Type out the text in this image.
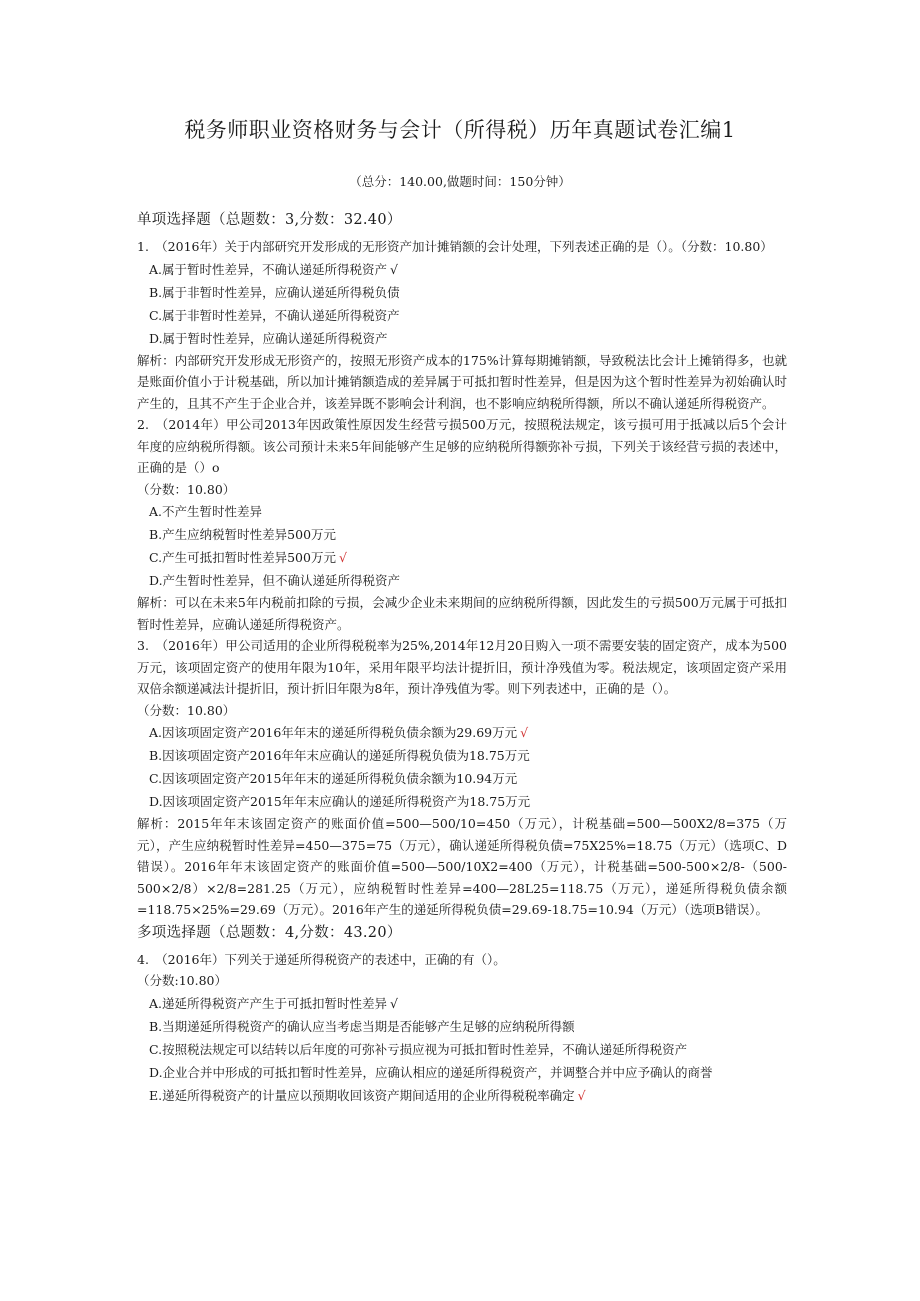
税务师职业资格财务与会计（所得税）历年真题试卷汇编1
（总分：140.00,做题时间：150分钟）
单项选择题（总题数：3,分数：32.40）
1.　（2016年）关于内部研究开发形成的无形资产加计摊销额的会计处理，下列表述正确的是（）。（分数：10.80）
A.属于暂时性差异，不确认递延所得税资产 √
B.属于非暂时性差异，应确认递延所得税负债
C.属于非暂时性差异，不确认递延所得税资产
D.属于暂时性差异，应确认递延所得税资产
解析：内部研究开发形成无形资产的，按照无形资产成本的175%计算每期摊销额，导致税法比会计上摊销得多，也就是账面价值小于计税基础，所以加计摊销额造成的差异属于可抵扣暂时性差异，但是因为这个暂时性差异为初始确认时产生的，且其不产生于企业合并，该差异既不影响会计利润，也不影响应纳税所得额，所以不确认递延所得税资产。
2.　（2014年）甲公司2013年因政策性原因发生经营亏损500万元，按照税法规定，该亏损可用于抵减以后5个会计年度的应纳税所得额。该公司预计未来5年间能够产生足够的应纳税所得额弥补亏损，下列关于该经营亏损的表述中，正确的是（）o
（分数：10.80）
A.不产生暂时性差异
B.产生应纳税暂时性差异500万元
C.产生可抵扣暂时性差异500万元 √
D.产生暂时性差异，但不确认递延所得税资产
解析：可以在未来5年内税前扣除的亏损，会减少企业未来期间的应纳税所得额，因此发生的亏损500万元属于可抵扣暂时性差异，应确认递延所得税资产。
3.　（2016年）甲公司适用的企业所得税税率为25%,2014年12月20日购入一项不需要安装的固定资产，成本为500万元，该项固定资产的使用年限为10年，采用年限平均法计提折旧，预计净残值为零。税法规定，该项固定资产采用双倍余额递减法计提折旧，预计折旧年限为8年，预计净残值为零。则下列表述中，正确的是（）。
（分数：10.80）
A.因该项固定资产2016年年末的递延所得税负债余额为29.69万元 √
B.因该项固定资产2016年年末应确认的递延所得税负债为18.75万元
C.因该项固定资产2015年年末的递延所得税负债余额为10.94万元
D.因该项固定资产2015年年末应确认的递延所得税资产为18.75万元
解析：2015年年末该固定资产的账面价值=500—500/10=450（万元），计税基础=500—500X2/8=375（万元），产生应纳税暂时性差异=450—375=75（万元），确认递延所得税负债=75X25%=18.75（万元）（选项C、D错误）。2016年年末该固定资产的账面价值=500—500/10X2=400（万元），计税基础=500-500×2/8-（500-500×2/8）×2/8=281.25（万元），应纳税暂时性差异=400—28L25=118.75（万元），递延所得税负债余额=118.75×25%=29.69（万元）。2016年产生的递延所得税负债=29.69-18.75=10.94（万元）（选项B错误）。
多项选择题（总题数：4,分数：43.20）
4.　（2016年）下列关于递延所得税资产的表述中，正确的有（）。
（分数:10.80）
A.递延所得税资产产生于可抵扣暂时性差异 √
B.当期递延所得税资产的确认应当考虑当期是否能够产生足够的应纳税所得额
C.按照税法规定可以结转以后年度的可弥补亏损应视为可抵扣暂时性差异，不确认递延所得税资产
D.企业合并中形成的可抵扣暂时性差异，应确认相应的递延所得税资产，并调整合并中应予确认的商誉
E.递延所得税资产的计量应以预期收回该资产期间适用的企业所得税税率确定 √
